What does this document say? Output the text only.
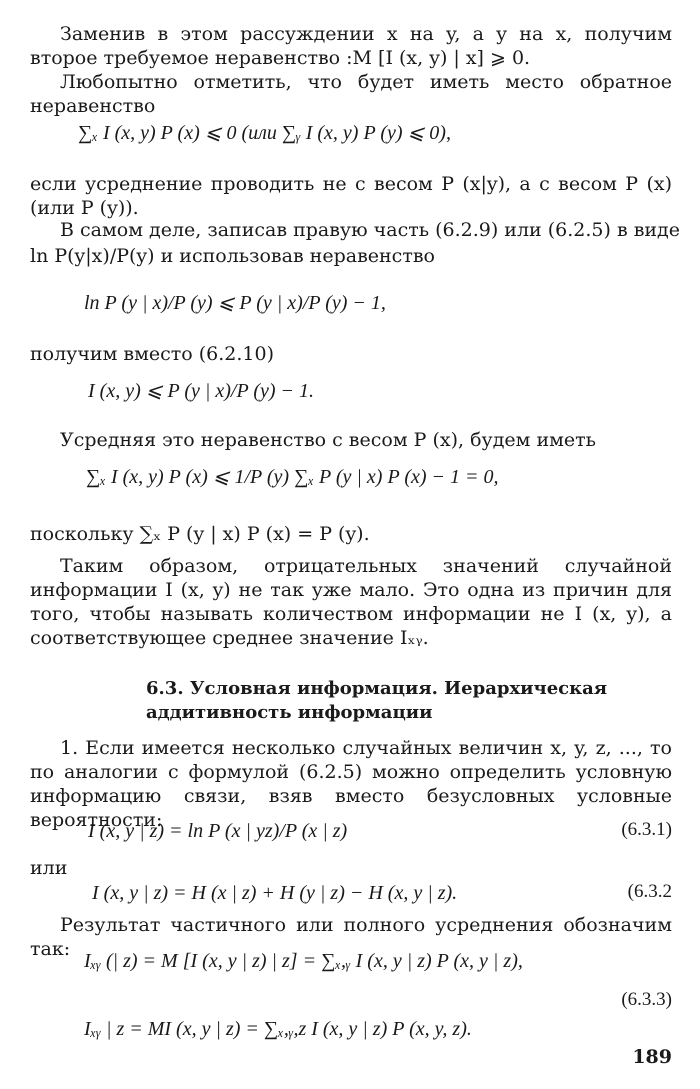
Заменив в этом рассуждении x на y, а y на x, получим второе требуемое неравенство :M [I (x, y) | x] ⩾ 0.

Любопытно отметить, что будет иметь место обратное неравенство

∑ₓ I (x, y) P (x) ⩽ 0 (или ∑ᵧ I (x, y) P (y) ⩽ 0),

если усреднение проводить не с весом P (x|y), а с весом P (x) (или P (y)).

В самом деле, записав правую часть (6.2.9) или (6.2.5) в виде
ln P(y|x)/P(y) и использовав неравенство
ln P (y | x)/P (y) ⩽ P (y | x)/P (y) − 1,

получим вместо (6.2.10)

I (x, y) ⩽ P (y | x)/P (y) − 1.

Усредняя это неравенство с весом P (x), будем иметь

∑ₓ I (x, y) P (x) ⩽ 1/P (y) ∑ₓ P (y | x) P (x) − 1 = 0,

поскольку ∑ₓ P (y | x) P (x) = P (y).

Таким образом, отрицательных значений случайной информации I (x, y) не так уже мало. Это одна из причин для того, чтобы называть количеством информации не I (x, y), а соответствующее среднее значение Iₓᵧ.

6.3. Условная информация. Иерархическая аддитивность информации

1. Если имеется несколько случайных величин x, y, z, ..., то по аналогии с формулой (6.2.5) можно определить условную информацию связи, взяв вместо безусловных условные вероятности:

I (x, y | z) = ln P (x | yz)/P (x | z)	(6.3.1)
или
I (x, y | z) = H (x | z) + H (y | z) − H (x, y | z).	(6.3.2

Результат частичного или полного усреднения обозначим так:

Iₓᵧ (| z) = M [I (x, y | z) | z] = ∑ₓ,ᵧ I (x, y | z) P (x, y | z),
(6.3.3)
Iₓᵧ | z = MI (x, y | z) = ∑ₓ,ᵧ,z I (x, y | z) P (x, y, z).
189
